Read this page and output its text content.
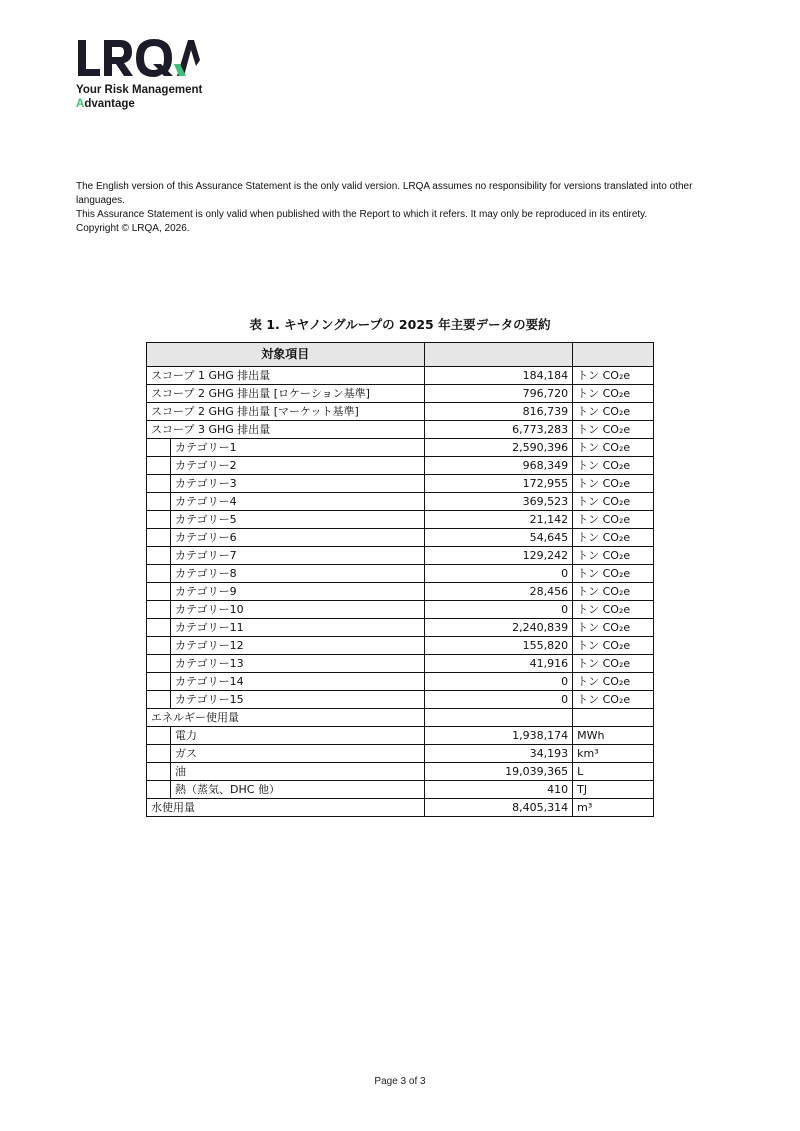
Your Risk Management
Advantage

The English version of this Assurance Statement is the only valid version. LRQA assumes no responsibility for versions translated into other languages.

This Assurance Statement is only valid when published with the Report to which it refers. It may only be reproduced in its entirety.

Copyright © LRQA, 2026.

表 1. キヤノングループの 2025 年主要データの要約
対象項目			
スコープ 1 GHG 排出量		184,184	トン CO₂e
スコープ 2 GHG 排出量 [ロケーション基準]		796,720	トン CO₂e
スコープ 2 GHG 排出量 [マーケット基準]		816,739	トン CO₂e
スコープ 3 GHG 排出量		6,773,283	トン CO₂e
	カテゴリー1	2,590,396	トン CO₂e
	カテゴリー2	968,349	トン CO₂e
	カテゴリー3	172,955	トン CO₂e
	カテゴリー4	369,523	トン CO₂e
	カテゴリー5	21,142	トン CO₂e
	カテゴリー6	54,645	トン CO₂e
	カテゴリー7	129,242	トン CO₂e
	カテゴリー8	0	トン CO₂e
	カテゴリー9	28,456	トン CO₂e
	カテゴリー10	0	トン CO₂e
	カテゴリー11	2,240,839	トン CO₂e
	カテゴリー12	155,820	トン CO₂e
	カテゴリー13	41,916	トン CO₂e
	カテゴリー14	0	トン CO₂e
	カテゴリー15	0	トン CO₂e
エネルギー使用量			
	電力	1,938,174	MWh
	ガス	34,193	km³
	油	19,039,365	L
	熱（蒸気、DHC 他）	410	TJ
水使用量		8,405,314	m³
Page 3 of 3
